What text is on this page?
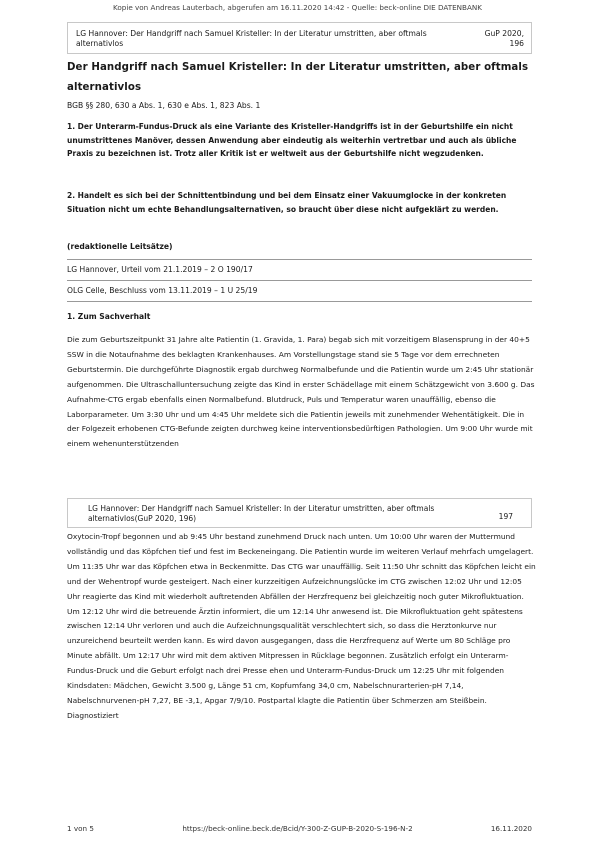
Kopie von Andreas Lauterbach, abgerufen am 16.11.2020 14:42 - Quelle: beck-online DIE DATENBANK
LG Hannover: Der Handgriff nach Samuel Kristeller: In der Literatur umstritten, aber oftmals alternativlos
GuP 2020, 196
Der Handgriff nach Samuel Kristeller: In der Literatur umstritten, aber oftmals alternativlos
BGB §§ 280, 630 a Abs. 1, 630 e Abs. 1, 823 Abs. 1
1. Der Unterarm-Fundus-Druck als eine Variante des Kristeller-Handgriffs ist in der Geburtshilfe ein nicht unumstrittenes Manöver, dessen Anwendung aber eindeutig als weiterhin vertretbar und auch als übliche Praxis zu bezeichnen ist. Trotz aller Kritik ist er weltweit aus der Geburtshilfe nicht wegzudenken.
2. Handelt es sich bei der Schnittentbindung und bei dem Einsatz einer Vakuumglocke in der konkreten Situation nicht um echte Behandlungsalternativen, so braucht über diese nicht aufgeklärt zu werden.
(redaktionelle Leitsätze)
LG Hannover, Urteil vom 21.1.2019 – 2 O 190/17
OLG Celle, Beschluss vom 13.11.2019 – 1 U 25/19
1. Zum Sachverhalt
Die zum Geburtszeitpunkt 31 Jahre alte Patientin (1. Gravida, 1. Para) begab sich mit vorzeitigem Blasensprung in der 40+5 SSW in die Notaufnahme des beklagten Krankenhauses. Am Vorstellungstage stand sie 5 Tage vor dem errechneten Geburtstermin. Die durchgeführte Diagnostik ergab durchweg Normalbefunde und die Patientin wurde um 2:45 Uhr stationär aufgenommen. Die Ultraschalluntersuchung zeigte das Kind in erster Schädellage mit einem Schätzgewicht von 3.600 g. Das Aufnahme-CTG ergab ebenfalls einen Normalbefund. Blutdruck, Puls und Temperatur waren unauffällig, ebenso die Laborparameter. Um 3:30 Uhr und um 4:45 Uhr meldete sich die Patientin jeweils mit zunehmender Wehentätigkeit. Die in der Folgezeit erhobenen CTG-Befunde zeigten durchweg keine interventionsbedürftigen Pathologien. Um 9:00 Uhr wurde mit einem wehenunterstützenden
LG Hannover: Der Handgriff nach Samuel Kristeller: In der Literatur umstritten, aber oftmals alternativlos(GuP 2020, 196)	197
Oxytocin-Tropf begonnen und ab 9:45 Uhr bestand zunehmend Druck nach unten. Um 10:00 Uhr waren der Muttermund vollständig und das Köpfchen tief und fest im Beckeneingang. Die Patientin wurde im weiteren Verlauf mehrfach umgelagert. Um 11:35 Uhr war das Köpfchen etwa in Beckenmitte. Das CTG war unauffällig. Seit 11:50 Uhr schnitt das Köpfchen leicht ein und der Wehentropf wurde gesteigert. Nach einer kurzzeitigen Aufzeichnungslücke im CTG zwischen 12:02 Uhr und 12:05 Uhr reagierte das Kind mit wiederholt auftretenden Abfällen der Herzfrequenz bei gleichzeitig noch guter Mikrofluktuation. Um 12:12 Uhr wird die betreuende Ärztin informiert, die um 12:14 Uhr anwesend ist. Die Mikrofluktuation geht spätestens zwischen 12:14 Uhr verloren und auch die Aufzeichnungsqualität verschlechtert sich, so dass die Herztonkurve nur unzureichend beurteilt werden kann. Es wird davon ausgegangen, dass die Herzfrequenz auf Werte um 80 Schläge pro Minute abfällt. Um 12:17 Uhr wird mit dem aktiven Mitpressen in Rücklage begonnen. Zusätzlich erfolgt ein Unterarm-Fundus-Druck und die Geburt erfolgt nach drei Presse ehen und Unterarm-Fundus-Druck um 12:25 Uhr mit folgenden Kindsdaten: Mädchen, Gewicht 3.500 g, Länge 51 cm, Kopfumfang 34,0 cm, Nabelschnurarterien-pH 7,14, Nabelschnurvenen-pH 7,27, BE -3,1, Apgar 7/9/10. Postpartal klagte die Patientin über Schmerzen am Steißbein. Diagnostiziert
1 von 5	https://beck-online.beck.de/Bcid/Y-300-Z-GUP-B-2020-S-196-N-2	16.11.2020
